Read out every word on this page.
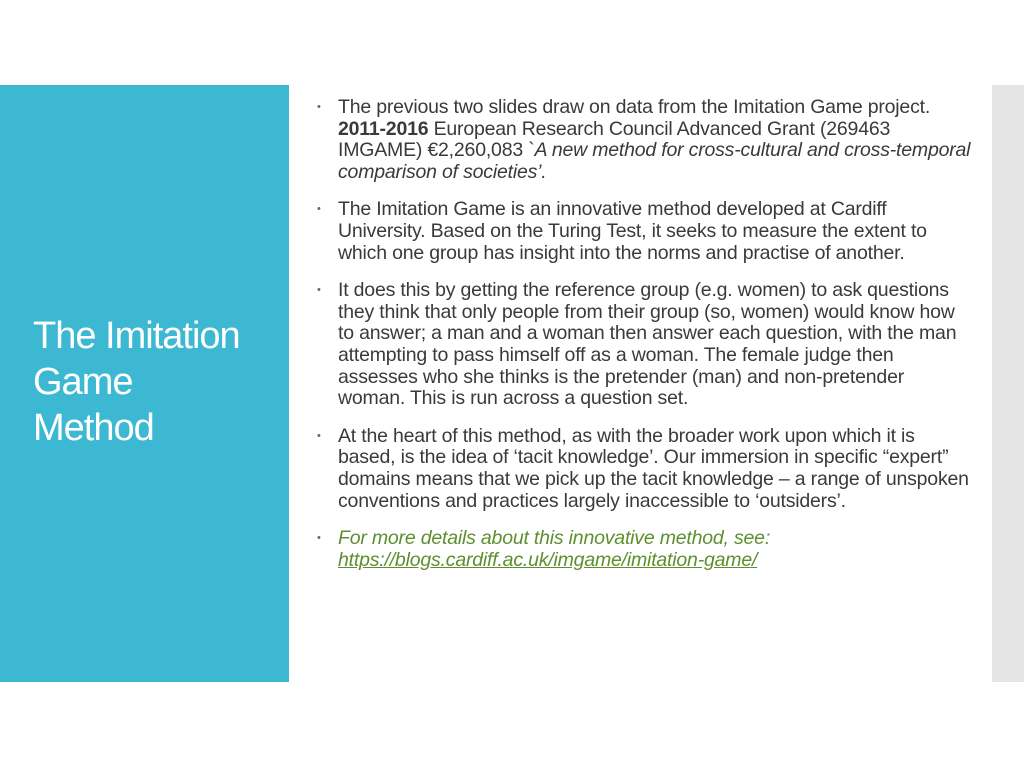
The Imitation
Game
Method
• The previous two slides draw on data from the Imitation Game project. 2011-2016 European Research Council Advanced Grant (269463 IMGAME) €2,260,083 `A new method for cross-cultural and cross-temporal comparison of societies’.
• The Imitation Game is an innovative method developed at Cardiff University. Based on the Turing Test, it seeks to measure the extent to which one group has insight into the norms and practise of another.
• It does this by getting the reference group (e.g. women) to ask questions they think that only people from their group (so, women) would know how to answer; a man and a woman then answer each question, with the man attempting to pass himself off as a woman. The female judge then assesses who she thinks is the pretender (man) and non-pretender woman. This is run across a question set.
• At the heart of this method, as with the broader work upon which it is based, is the idea of ‘tacit knowledge’. Our immersion in specific “expert” domains means that we pick up the tacit knowledge – a range of unspoken conventions and practices largely inaccessible to ‘outsiders’.
• For more details about this innovative method, see: https://blogs.cardiff.ac.uk/imgame/imitation-game/
